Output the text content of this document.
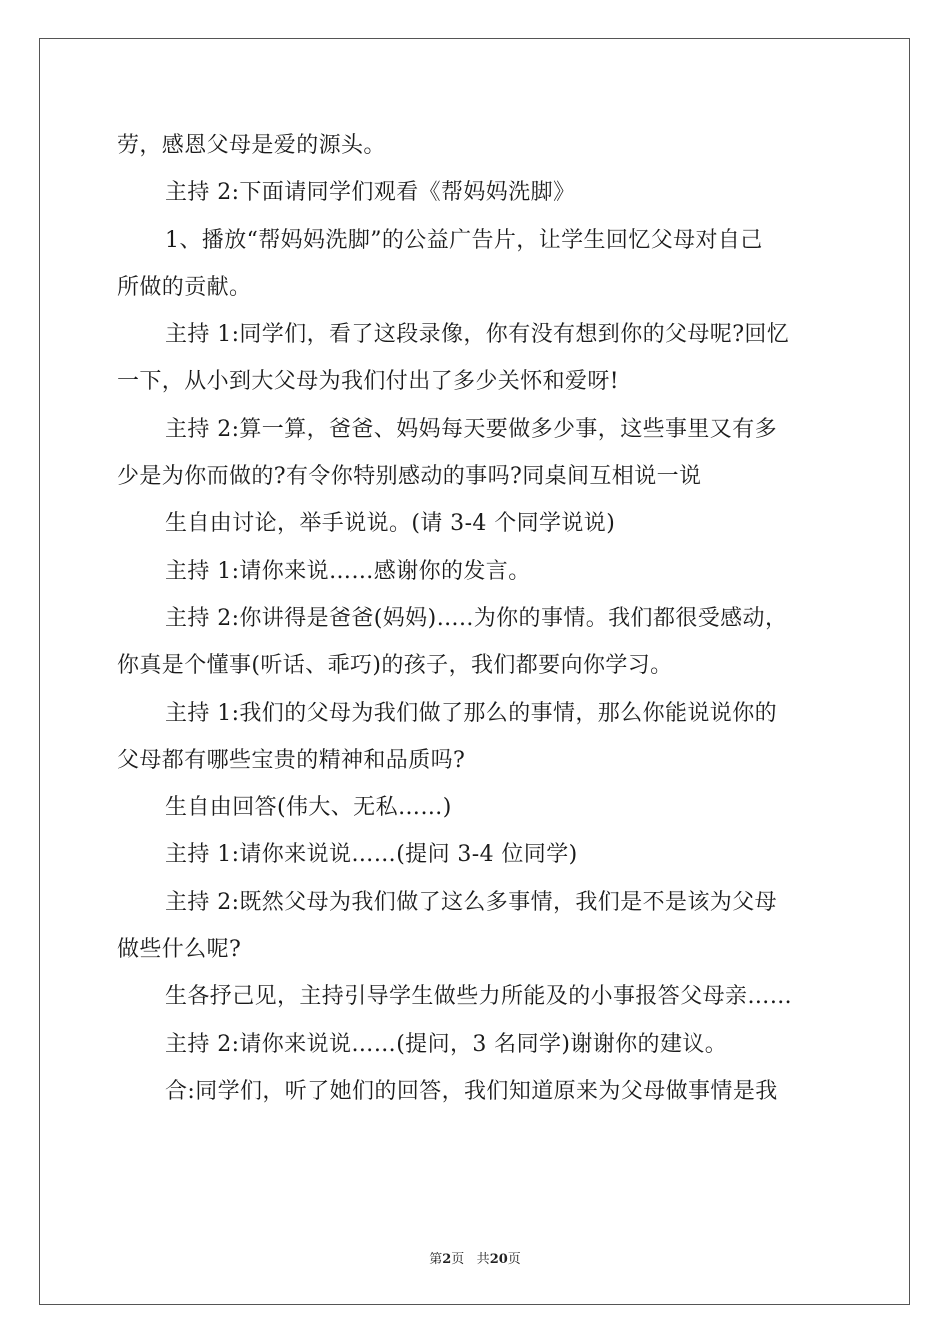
劳，感恩父母是爱的源头。
主持 2:下面请同学们观看《帮妈妈洗脚》
1、播放“帮妈妈洗脚”的公益广告片，让学生回忆父母对自己
所做的贡献。
主持 1:同学们，看了这段录像，你有没有想到你的父母呢?回忆
一下，从小到大父母为我们付出了多少关怀和爱呀!
主持 2:算一算，爸爸、妈妈每天要做多少事，这些事里又有多
少是为你而做的?有令你特别感动的事吗?同桌间互相说一说
生自由讨论，举手说说。(请 3-4 个同学说说)
主持 1:请你来说……感谢你的发言。
主持 2:你讲得是爸爸(妈妈)…..为你的事情。我们都很受感动，
你真是个懂事(听话、乖巧)的孩子，我们都要向你学习。
主持 1:我们的父母为我们做了那么的事情，那么你能说说你的
父母都有哪些宝贵的精神和品质吗?
生自由回答(伟大、无私……)
主持 1:请你来说说……(提问 3-4 位同学)
主持 2:既然父母为我们做了这么多事情，我们是不是该为父母
做些什么呢?
生各抒己见，主持引导学生做些力所能及的小事报答父母亲……
主持 2:请你来说说……(提问，3 名同学)谢谢你的建议。
合:同学们，听了她们的回答，我们知道原来为父母做事情是我
第2页 共20页
